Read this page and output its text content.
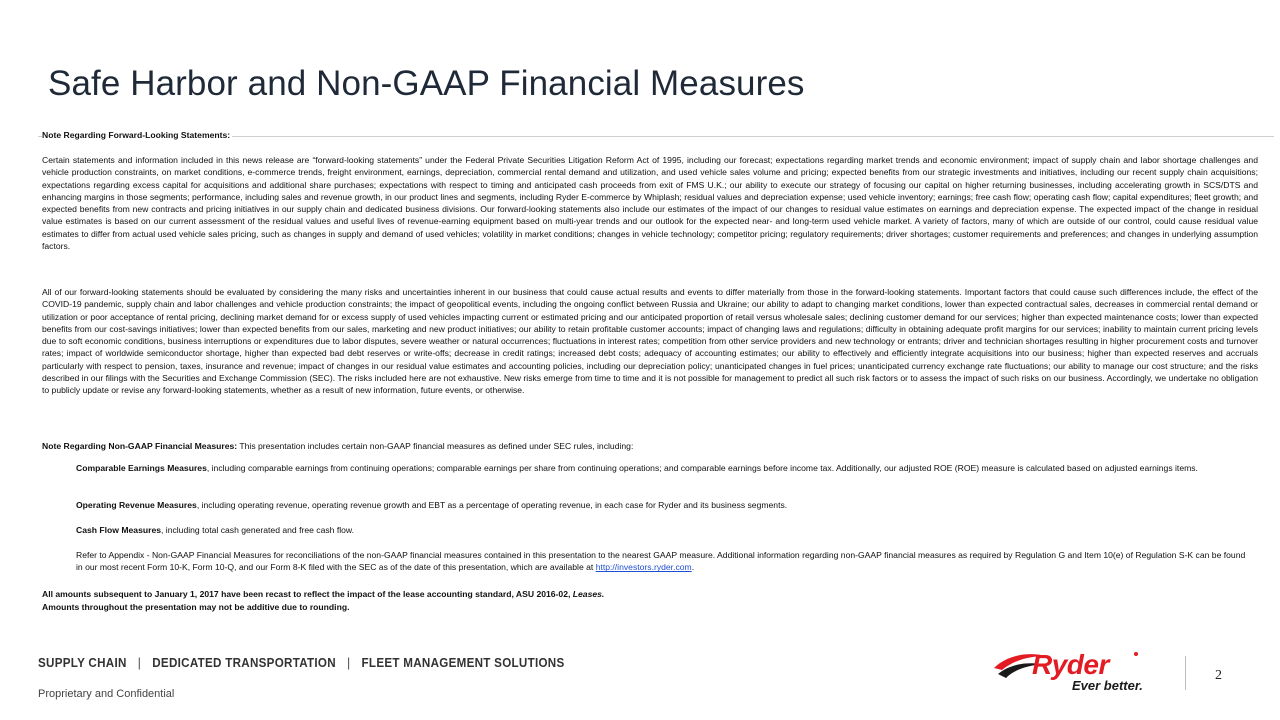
Safe Harbor and Non-GAAP Financial Measures
Note Regarding Forward-Looking Statements:
Certain statements and information included in this news release are “forward-looking statements” under the Federal Private Securities Litigation Reform Act of 1995, including our forecast; expectations regarding market trends and economic environment; impact of supply chain and labor shortage challenges and vehicle production constraints, on market conditions, e-commerce trends, freight environment, earnings, depreciation, commercial rental demand and utilization, and used vehicle sales volume and pricing; expected benefits from our strategic investments and initiatives, including our recent supply chain acquisitions; expectations regarding excess capital for acquisitions and additional share purchases; expectations with respect to timing and anticipated cash proceeds from exit of FMS U.K.; our ability to execute our strategy of focusing our capital on higher returning businesses, including accelerating growth in SCS/DTS and enhancing margins in those segments; performance, including sales and revenue growth, in our product lines and segments, including Ryder E-commerce by Whiplash; residual values and depreciation expense; used vehicle inventory; earnings; free cash flow; operating cash flow; capital expenditures; fleet growth; and expected benefits from new contracts and pricing initiatives in our supply chain and dedicated business divisions. Our forward-looking statements also include our estimates of the impact of our changes to residual value estimates on earnings and depreciation expense. The expected impact of the change in residual value estimates is based on our current assessment of the residual values and useful lives of revenue-earning equipment based on multi-year trends and our outlook for the expected near- and long-term used vehicle market. A variety of factors, many of which are outside of our control, could cause residual value estimates to differ from actual used vehicle sales pricing, such as changes in supply and demand of used vehicles; volatility in market conditions; changes in vehicle technology; competitor pricing; regulatory requirements; driver shortages; customer requirements and preferences; and changes in underlying assumption factors.
All of our forward-looking statements should be evaluated by considering the many risks and uncertainties inherent in our business that could cause actual results and events to differ materially from those in the forward-looking statements. Important factors that could cause such differences include, the effect of the COVID-19 pandemic, supply chain and labor challenges and vehicle production constraints; the impact of geopolitical events, including the ongoing conflict between Russia and Ukraine; our ability to adapt to changing market conditions, lower than expected contractual sales, decreases in commercial rental demand or utilization or poor acceptance of rental pricing, declining market demand for or excess supply of used vehicles impacting current or estimated pricing and our anticipated proportion of retail versus wholesale sales; declining customer demand for our services; higher than expected maintenance costs; lower than expected benefits from our cost-savings initiatives; lower than expected benefits from our sales, marketing and new product initiatives; our ability to retain profitable customer accounts; impact of changing laws and regulations; difficulty in obtaining adequate profit margins for our services; inability to maintain current pricing levels due to soft economic conditions, business interruptions or expenditures due to labor disputes, severe weather or natural occurrences; fluctuations in interest rates; competition from other service providers and new technology or entrants; driver and technician shortages resulting in higher procurement costs and turnover rates; impact of worldwide semiconductor shortage, higher than expected bad debt reserves or write-offs; decrease in credit ratings; increased debt costs; adequacy of accounting estimates; our ability to effectively and efficiently integrate acquisitions into our business; higher than expected reserves and accruals particularly with respect to pension, taxes, insurance and revenue; impact of changes in our residual value estimates and accounting policies, including our depreciation policy; unanticipated changes in fuel prices; unanticipated currency exchange rate fluctuations; our ability to manage our cost structure; and the risks described in our filings with the Securities and Exchange Commission (SEC). The risks included here are not exhaustive. New risks emerge from time to time and it is not possible for management to predict all such risk factors or to assess the impact of such risks on our business. Accordingly, we undertake no obligation to publicly update or revise any forward-looking statements, whether as a result of new information, future events, or otherwise.
Note Regarding Non-GAAP Financial Measures: This presentation includes certain non-GAAP financial measures as defined under SEC rules, including:
Comparable Earnings Measures, including comparable earnings from continuing operations; comparable earnings per share from continuing operations; and comparable earnings before income tax. Additionally, our adjusted ROE (ROE) measure is calculated based on adjusted earnings items.
Operating Revenue Measures, including operating revenue, operating revenue growth and EBT as a percentage of operating revenue, in each case for Ryder and its business segments.
Cash Flow Measures, including total cash generated and free cash flow.
Refer to Appendix - Non-GAAP Financial Measures for reconciliations of the non-GAAP financial measures contained in this presentation to the nearest GAAP measure. Additional information regarding non-GAAP financial measures as required by Regulation G and Item 10(e) of Regulation S-K can be found in our most recent Form 10-K, Form 10-Q, and our Form 8-K filed with the SEC as of the date of this presentation, which are available at http://investors.ryder.com.
All amounts subsequent to January 1, 2017 have been recast to reflect the impact of the lease accounting standard, ASU 2016-02, Leases.
Amounts throughout the presentation may not be additive due to rounding.
SUPPLY CHAIN | DEDICATED TRANSPORTATION | FLEET MANAGEMENT SOLUTIONS
Proprietary and Confidential
Ryder
Ever better.
2
